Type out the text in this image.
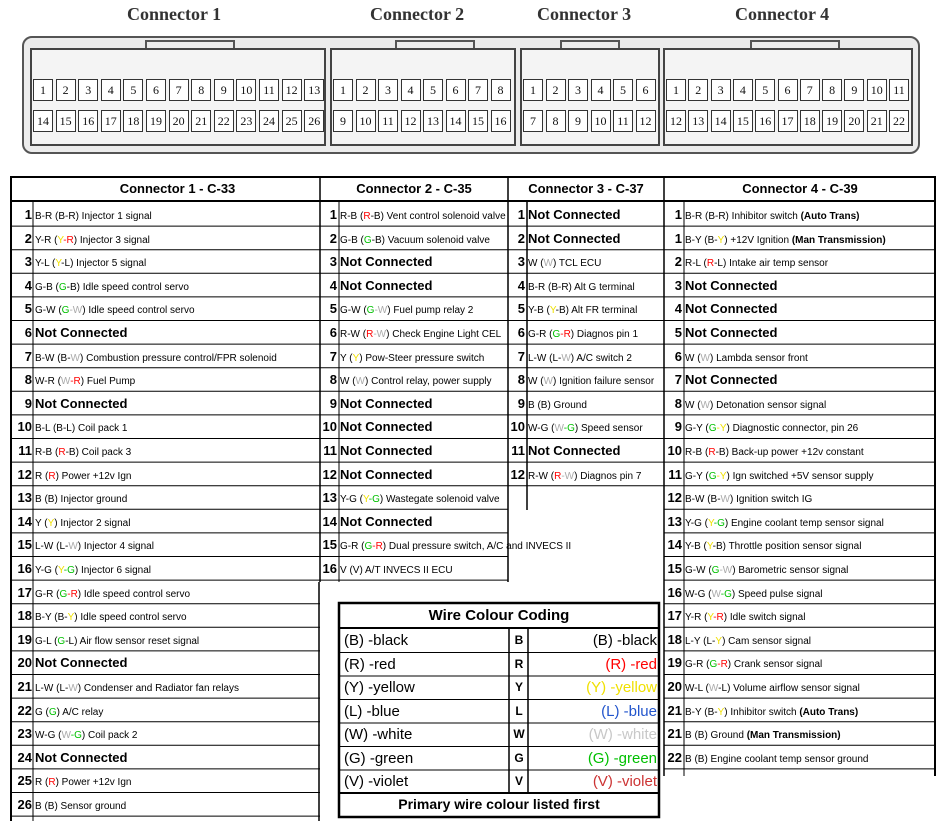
Connector 1	Connector 2	Connector 3	Connector 4
1	2	3	4	5	6	7	8	9	10 11 12 13
14 15 16 17 18 19 20 21 22 23 24 25 26
1	2	3	4	5	6	7	8
9	10 11 12 13 14 15 16
1	2	3	4	5	6
7	8	9	10 11 12
1	2	3	4	5	6	7	8	9	10 11
12 13 14 15 16 17 18 19 20 21 22
Connector 1 - C-33	Connector 2 - C-35	Connector 3 - C-37	Connector 4 - C-39
1 B-R (B-R) Injector 1 signal
2 Y-R (Y-R) Injector 3 signal
3 Y-L (Y-L) Injector 5 signal
4 G-B (G-B) Idle speed control servo
5 G-W (G-W) Idle speed control servo
6 Not Connected
7 B-W (B-W) Combustion pressure control/FPR solenoid
8 W-R (W-R) Fuel Pump
9 Not Connected
10 B-L (B-L) Coil pack 1
11 R-B (R-B) Coil pack 3
12 R (R) Power +12v Ign
13 B (B) Injector ground
14 Y (Y) Injector 2 signal
15 L-W (L-W) Injector 4 signal
16 Y-G (Y-G) Injector 6 signal
17 G-R (G-R) Idle speed control servo
18 B-Y (B-Y) Idle speed control servo
19 G-L (G-L) Air flow sensor reset signal
20 Not Connected
21 L-W (L-W) Condenser and Radiator fan relays
22 G (G) A/C relay
23 W-G (W-G) Coil pack 2
24 Not Connected
25 R (R) Power +12v Ign
26 B (B) Sensor ground
1 R-B (R-B) Vent control solenoid valve
2 G-B (G-B) Vacuum solenoid valve
3 Not Connected
4 Not Connected
5 G-W (G-W) Fuel pump relay 2
6 R-W (R-W) Check Engine Light CEL
7 Y (Y) Pow-Steer pressure switch
8 W (W) Control relay, power supply
9 Not Connected
10 Not Connected
11 Not Connected
12 Not Connected
13 Y-G (Y-G) Wastegate solenoid valve
14 Not Connected
15 G-R (G-R) Dual pressure switch, A/C and INVECS II
16 V (V) A/T INVECS II ECU
1 Not Connected
2 Not Connected
3 W (W) TCL ECU
4 B-R (B-R) Alt G terminal
5 Y-B (Y-B) Alt FR terminal
6 G-R (G-R) Diagnos pin 1
7 L-W (L-W) A/C switch 2
8 W (W) Ignition failure sensor
9 B (B) Ground
10 W-G (W-G) Speed sensor
11 Not Connected
12 R-W (R-W) Diagnos pin 7
1 B-R (B-R) Inhibitor switch (Auto Trans)
1 B-Y (B-Y) +12V Ignition (Man Transmission)
2 R-L (R-L) Intake air temp sensor
3 Not Connected
4 Not Connected
5 Not Connected
6 W (W) Lambda sensor front
7 Not Connected
8 W (W) Detonation sensor signal
9 G-Y (G-Y) Diagnostic connector, pin 26
10 R-B (R-B) Back-up power +12v constant
11 G-Y (G-Y) Ign switched +5V sensor supply
12 B-W (B-W) Ignition switch IG
13 Y-G (Y-G) Engine coolant temp sensor signal
14 Y-B (Y-B) Throttle position sensor signal
15 G-W (G-W) Barometric sensor signal
16 W-G (W-G) Speed pulse signal
17 Y-R (Y-R) Idle switch signal
18 L-Y (L-Y) Cam sensor signal
19 G-R (G-R) Crank sensor signal
20 W-L (W-L) Volume airflow sensor signal
21 B-Y (B-Y) Inhibitor switch (Auto Trans)
21 B (B) Ground (Man Transmission)
22 B (B) Engine coolant temp sensor ground
Wire Colour Coding
(B) -black	B	(B) -black
(R) -red	R	(R) -red
(Y) -yellow	Y	(Y) -yellow
(L) -blue	L	(L) -blue
(W) -white	W	(W) -white
(G) -green	G	(G) -green
(V) -violet	V	(V) -violet
Primary wire colour listed first
